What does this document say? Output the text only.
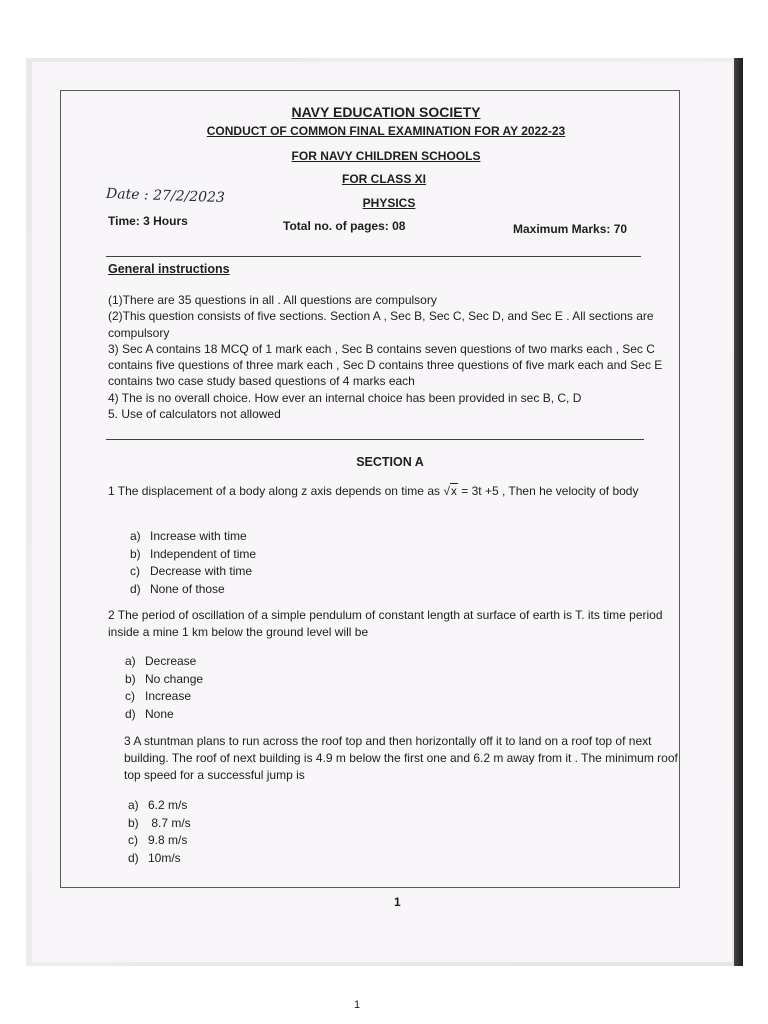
NAVY EDUCATION SOCIETY
CONDUCT OF COMMON FINAL EXAMINATION FOR AY 2022-23
FOR NAVY CHILDREN SCHOOLS
FOR CLASS XI
PHYSICS
Date : 27/2/2023
Time: 3 Hours	Total no. of pages: 08	Maximum Marks: 70
General instructions

(1)There are 35 questions in all . All questions are compulsory

(2)This question consists of five sections. Section A , Sec B, Sec C, Sec D, and Sec E . All sections are compulsory

3) Sec A contains 18 MCQ of 1 mark each , Sec B contains seven questions of two marks each , Sec C contains five questions of three mark each , Sec D contains three questions of five mark each and Sec E contains two case study based questions of 4 marks each

4) The is no overall choice. How ever an internal choice has been provided in sec B, C, D

5. Use of calculators not allowed

SECTION A
1 The displacement of a body along z axis depends on time as √x = 3t +5 , Then he velocity of body
a) Increase with time
b) Independent of time
c) Decrease with time
d) None of those
2 The period of oscillation of a simple pendulum of constant length at surface of earth is T. its time period inside a mine 1 km below the ground level will be
a) Decrease
b) No change
c) Increase
d) None
3 A stuntman plans to run across the roof top and then horizontally off it to land on a roof top of next building. The roof of next building is 4.9 m below the first one and 6.2 m away from it . The minimum roof top speed for a successful jump is
a) 6.2 m/s
b) 8.7 m/s
c) 9.8 m/s
d) 10m/s
1
1
